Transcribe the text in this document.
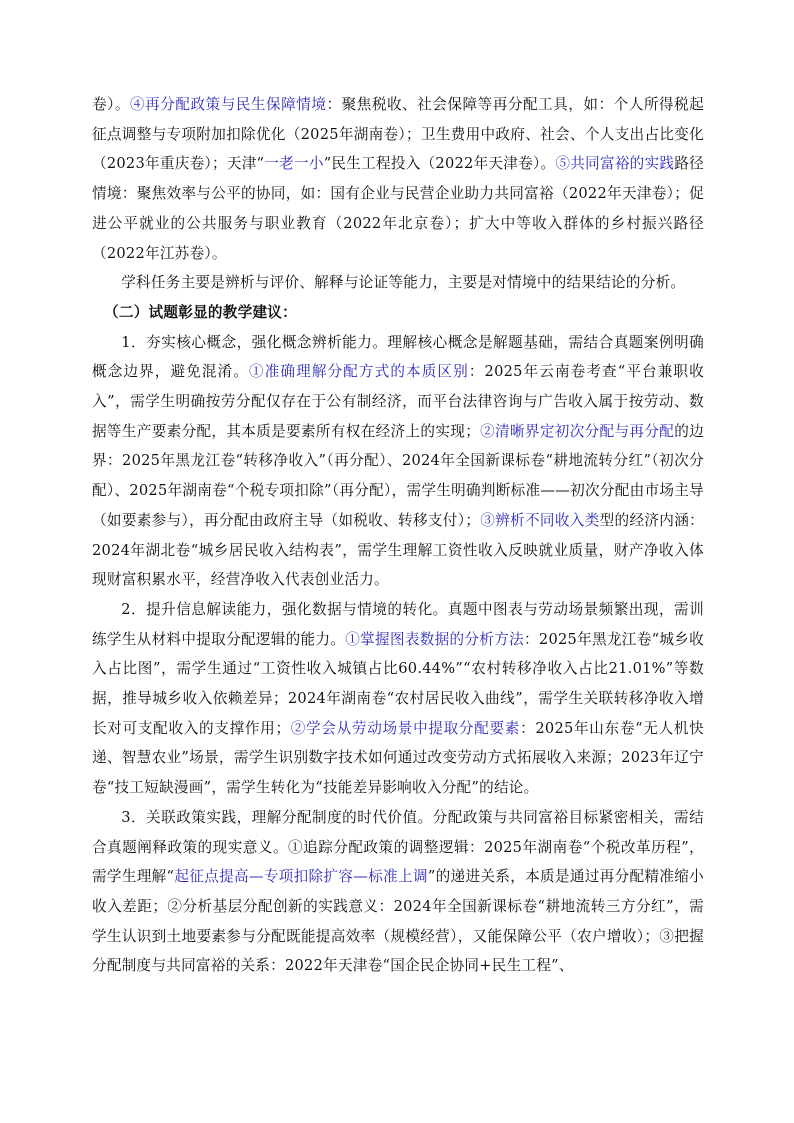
卷）。④再分配政策与民生保障情境：聚焦税收、社会保障等再分配工具，如：个人所得税起征点调整与专项附加扣除优化（2025年湖南卷）；卫生费用中政府、社会、个人支出占比变化（2023年重庆卷）；天津“一老一小”民生工程投入（2022年天津卷）。⑤共同富裕的实践路径情境：聚焦效率与公平的协同，如：国有企业与民营企业助力共同富裕（2022年天津卷）；促进公平就业的公共服务与职业教育（2022年北京卷）；扩大中等收入群体的乡村振兴路径（2022年江苏卷）。

学科任务主要是辨析与评价、解释与论证等能力，主要是对情境中的结果结论的分析。

（二）试题彰显的教学建议：

1．夯实核心概念，强化概念辨析能力。理解核心概念是解题基础，需结合真题案例明确概念边界，避免混淆。①准确理解分配方式的本质区别：2025年云南卷考查“平台兼职收入”，需学生明确按劳分配仅存在于公有制经济，而平台法律咨询与广告收入属于按劳动、数据等生产要素分配，其本质是要素所有权在经济上的实现；②清晰界定初次分配与再分配的边界：2025年黑龙江卷“转移净收入”（再分配）、2024年全国新课标卷“耕地流转分红”（初次分配）、2025年湖南卷“个税专项扣除”（再分配），需学生明确判断标准——初次分配由市场主导（如要素参与），再分配由政府主导（如税收、转移支付）；③辨析不同收入类型的经济内涵：2024年湖北卷“城乡居民收入结构表”，需学生理解工资性收入反映就业质量，财产净收入体现财富积累水平，经营净收入代表创业活力。

2．提升信息解读能力，强化数据与情境的转化。真题中图表与劳动场景频繁出现，需训练学生从材料中提取分配逻辑的能力。①掌握图表数据的分析方法：2025年黑龙江卷“城乡收入占比图”，需学生通过“工资性收入城镇占比60.44%”“农村转移净收入占比21.01%”等数据，推导城乡收入依赖差异；2024年湖南卷“农村居民收入曲线”，需学生关联转移净收入增长对可支配收入的支撑作用；②学会从劳动场景中提取分配要素：2025年山东卷“无人机快递、智慧农业”场景，需学生识别数字技术如何通过改变劳动方式拓展收入来源；2023年辽宁卷“技工短缺漫画”，需学生转化为“技能差异影响收入分配”的结论。

3．关联政策实践，理解分配制度的时代价值。分配政策与共同富裕目标紧密相关，需结合真题阐释政策的现实意义。①追踪分配政策的调整逻辑：2025年湖南卷“个税改革历程”，需学生理解“起征点提高—专项扣除扩容—标准上调”的递进关系，本质是通过再分配精准缩小收入差距；②分析基层分配创新的实践意义：2024年全国新课标卷“耕地流转三方分红”，需学生认识到土地要素参与分配既能提高效率（规模经营），又能保障公平（农户增收）；③把握分配制度与共同富裕的关系：2022年天津卷“国企民企协同+民生工程”、
